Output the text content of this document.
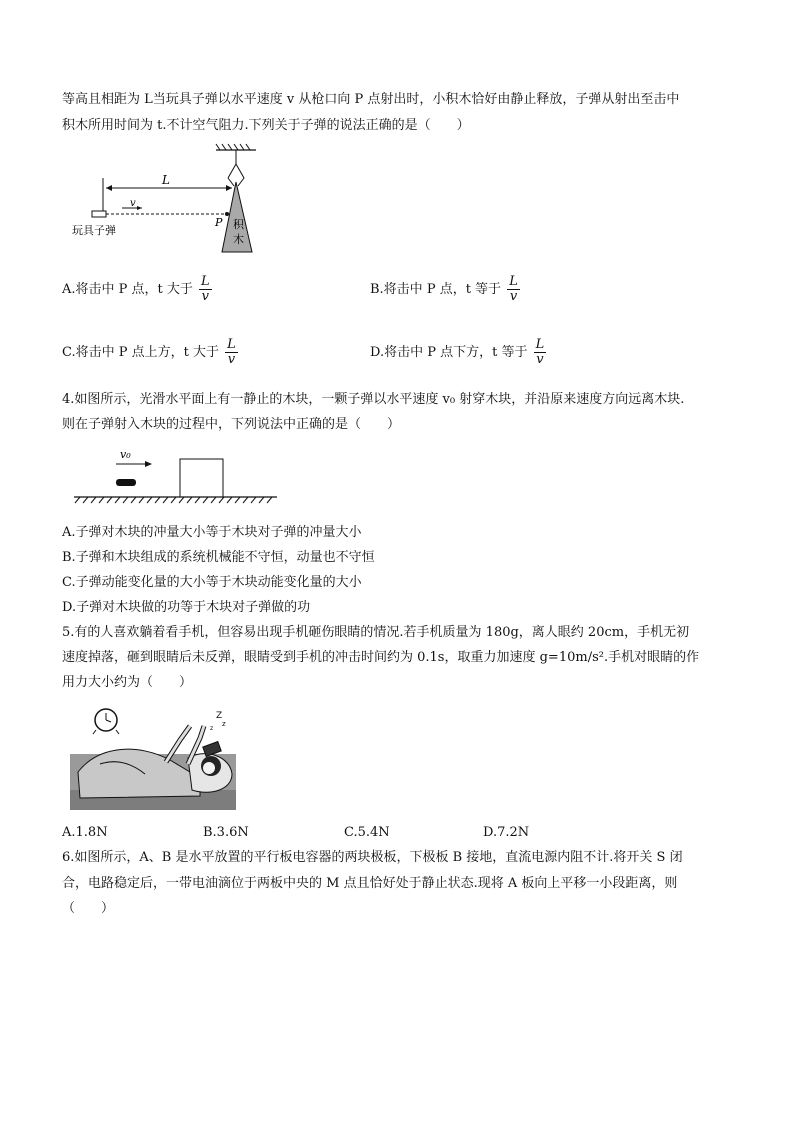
等高且相距为 L当玩具子弹以水平速度 v 从枪口向 P 点射出时，小积木恰好由静止释放，子弹从射出至击中
积木所用时间为 t.不计空气阻力.下列关于子弹的说法正确的是（　　）
积
木
L
v
P
玩具子弹
A.将击中 P 点，t 大于 $\frac{L}{v}$	B.将击中 P 点，t 等于 $\frac{L}{v}$
C.将击中 P 点上方，t 大于 $\frac{L}{v}$	D.将击中 P 点下方，t 等于 $\frac{L}{v}$
4.如图所示，光滑水平面上有一静止的木块，一颗子弹以水平速度 v₀ 射穿木块，并沿原来速度方向远离木块.
则在子弹射入木块的过程中，下列说法中正确的是（　　）
v₀
A.子弹对木块的冲量大小等于木块对子弹的冲量大小
B.子弹和木块组成的系统机械能不守恒，动量也不守恒
C.子弹动能变化量的大小等于木块动能变化量的大小
D.子弹对木块做的功等于木块对子弹做的功
5.有的人喜欢躺着看手机，但容易出现手机砸伤眼睛的情况.若手机质量为 180g，离人眼约 20cm，手机无初
速度掉落，砸到眼睛后未反弹，眼睛受到手机的冲击时间约为 0.1s，取重力加速度 g=10m/s².手机对眼睛的作
用力大小约为（　　）
Z
z
z
A.1.8N	B.3.6N	C.5.4N	D.7.2N
6.如图所示，A、B 是水平放置的平行板电容器的两块极板，下极板 B 接地，直流电源内阻不计.将开关 S 闭
合，电路稳定后，一带电油滴位于两板中央的 M 点且恰好处于静止状态.现将 A 板向上平移一小段距离，则
（　　）
